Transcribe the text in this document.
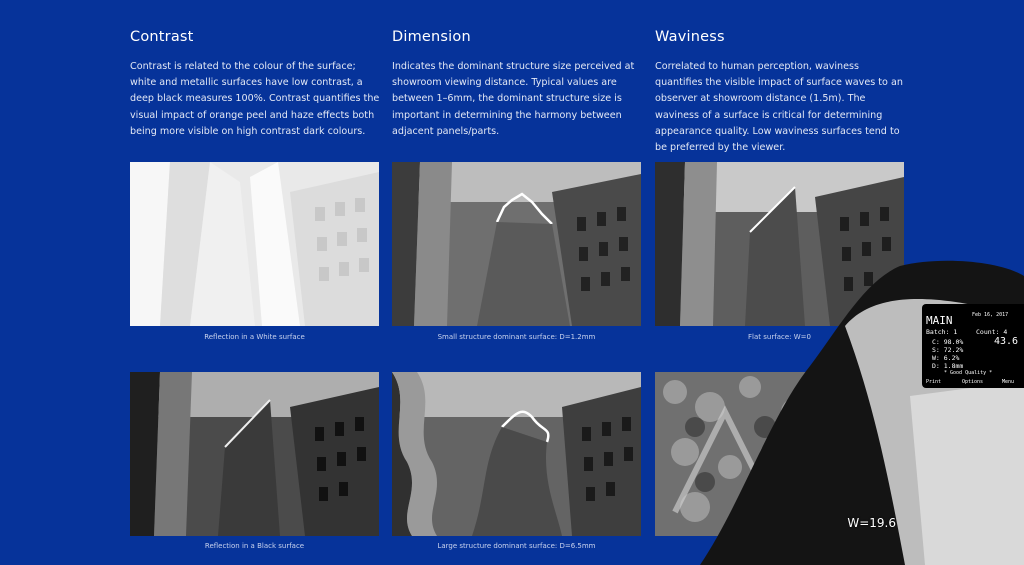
Contrast

Contrast is related to the colour of the surface; white and metallic surfaces have low contrast, a deep black measures 100%. Contrast quantifies the visual impact of orange peel and haze effects both being more visible on high contrast dark colours.

Dimension

Indicates the dominant structure size perceived at showroom viewing distance. Typical values are between 1–6mm, the dominant structure size is important in determining the harmony between adjacent panels/parts.

Waviness

Correlated to human perception, waviness quantifies the visible impact of surface waves to an observer at showroom distance (1.5m). The waviness of a surface is critical for determining appearance quality. Low waviness surfaces tend to be preferred by the viewer.

Reflection in a White surface	Small structure dominant surface: D=1.2mm	Flat surface: W=0
Reflection in a Black surface	Large structure dominant surface: D=6.5mm
MAIN	Feb 16, 2017
Batch: 1	Count: 4
C: 98.0%
S: 72.2%
W: 6.2%
D: 1.8mm
43.6
* Good Quality *
Print	Options	Menu
W=19.6
